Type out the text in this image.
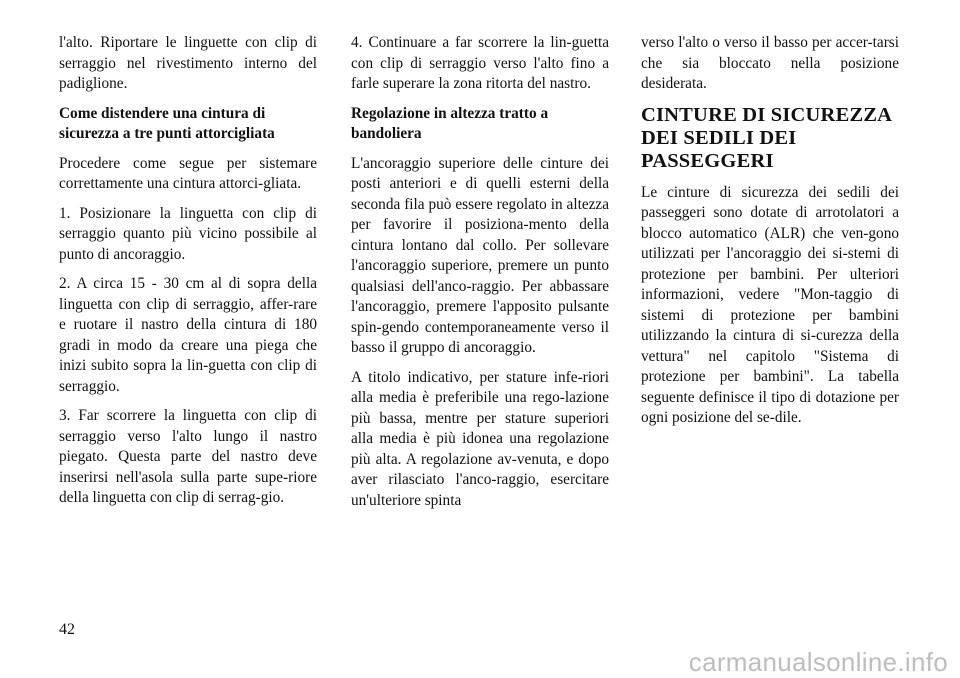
l'alto. Riportare le linguette con clip di serraggio nel rivestimento interno del padiglione.

Come distendere una cintura di sicurezza a tre punti attorcigliata

Procedere come segue per sistemare correttamente una cintura attorci-gliata.

1. Posizionare la linguetta con clip di serraggio quanto più vicino possibile al punto di ancoraggio.

2. A circa 15 - 30 cm al di sopra della linguetta con clip di serraggio, affer-rare e ruotare il nastro della cintura di 180 gradi in modo da creare una piega che inizi subito sopra la lin-guetta con clip di serraggio.

3. Far scorrere la linguetta con clip di serraggio verso l'alto lungo il nastro piegato. Questa parte del nastro deve inserirsi nell'asola sulla parte supe-riore della linguetta con clip di serrag-gio.

4. Continuare a far scorrere la lin-guetta con clip di serraggio verso l'alto fino a farle superare la zona ritorta del nastro.

Regolazione in altezza tratto a bandoliera

L'ancoraggio superiore delle cinture dei posti anteriori e di quelli esterni della seconda fila può essere regolato in altezza per favorire il posiziona-mento della cintura lontano dal collo. Per sollevare l'ancoraggio superiore, premere un punto qualsiasi dell'anco-raggio. Per abbassare l'ancoraggio, premere l'apposito pulsante spin-gendo contemporaneamente verso il basso il gruppo di ancoraggio.

A titolo indicativo, per stature infe-riori alla media è preferibile una rego-lazione più bassa, mentre per stature superiori alla media è più idonea una regolazione più alta. A regolazione av-venuta, e dopo aver rilasciato l'anco-raggio, esercitare un'ulteriore spinta

verso l'alto o verso il basso per accer-tarsi che sia bloccato nella posizione desiderata.

CINTURE DI SICUREZZA DEI SEDILI DEI PASSEGGERI

Le cinture di sicurezza dei sedili dei passeggeri sono dotate di arrotolatori a blocco automatico (ALR) che ven-gono utilizzati per l'ancoraggio dei si-stemi di protezione per bambini. Per ulteriori informazioni, vedere "Mon-taggio di sistemi di protezione per bambini utilizzando la cintura di si-curezza della vettura" nel capitolo "Sistema di protezione per bambini". La tabella seguente definisce il tipo di dotazione per ogni posizione del se-dile.

42
carmanualsonline.info
